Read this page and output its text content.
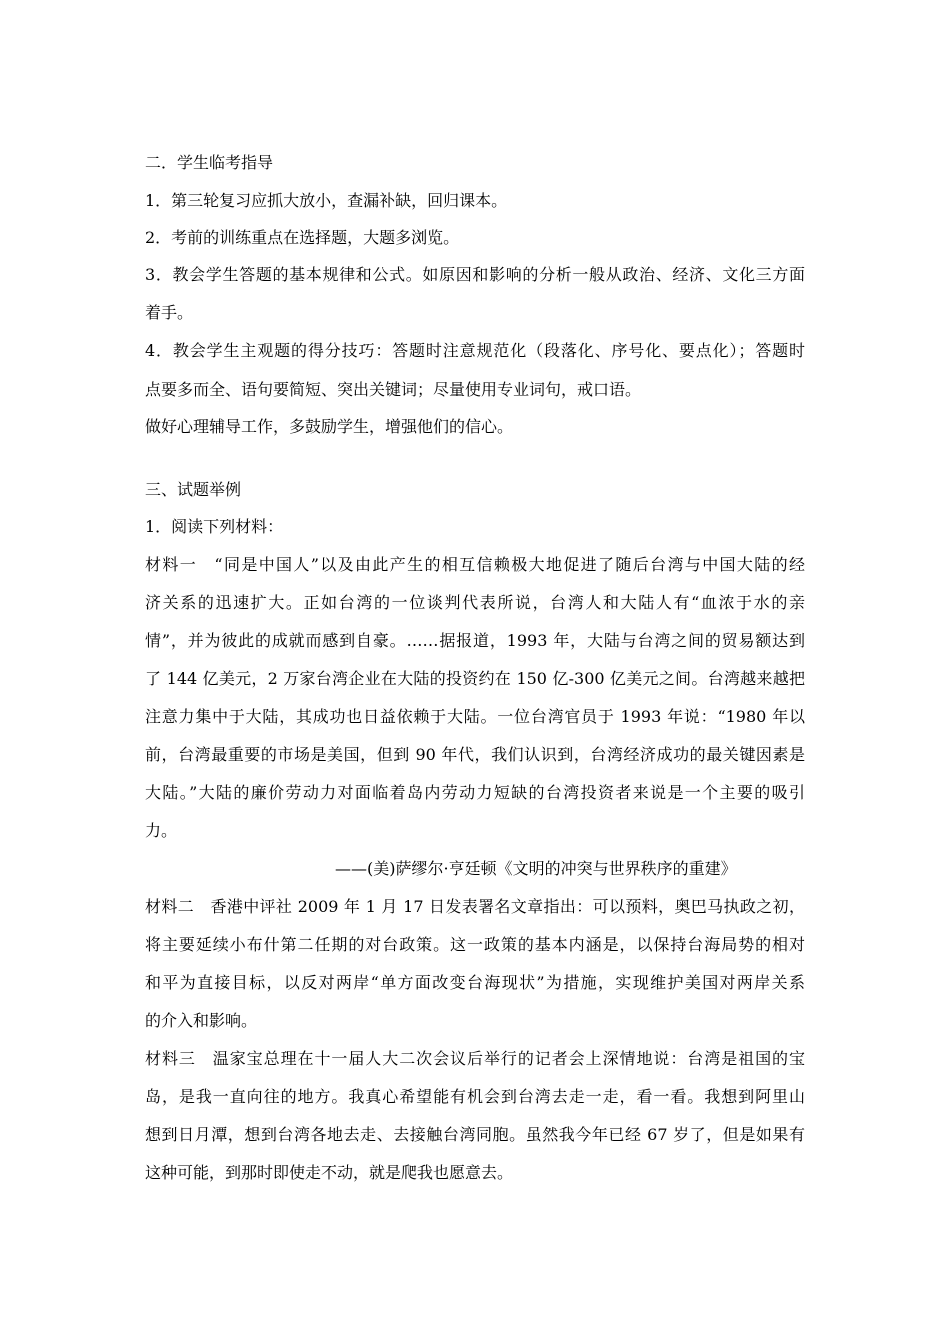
二．学生临考指导
1．第三轮复习应抓大放小，查漏补缺，回归课本。
2．考前的训练重点在选择题，大题多浏览。
3．教会学生答题的基本规律和公式。如原因和影响的分析一般从政治、经济、文化三方面
着手。
4．教会学生主观题的得分技巧：答题时注意规范化（段落化、序号化、要点化）；答题时
点要多而全、语句要简短、突出关键词；尽量使用专业词句，戒口语。
做好心理辅导工作，多鼓励学生，增强他们的信心。
三、试题举例
1．阅读下列材料：
材料一　“同是中国人”以及由此产生的相互信赖极大地促进了随后台湾与中国大陆的经
济关系的迅速扩大。正如台湾的一位谈判代表所说，台湾人和大陆人有“血浓于水的亲
情”，并为彼此的成就而感到自豪。……据报道，1993 年，大陆与台湾之间的贸易额达到
了 144 亿美元，2 万家台湾企业在大陆的投资约在 150 亿-300 亿美元之间。台湾越来越把
注意力集中于大陆，其成功也日益依赖于大陆。一位台湾官员于 1993 年说：“1980 年以
前，台湾最重要的市场是美国，但到 90 年代，我们认识到，台湾经济成功的最关键因素是
大陆。”大陆的廉价劳动力对面临着岛内劳动力短缺的台湾投资者来说是一个主要的吸引
力。
——(美)萨缪尔·亨廷顿《文明的冲突与世界秩序的重建》
材料二　香港中评社 2009 年 1 月 17 日发表署名文章指出：可以预料，奥巴马执政之初，
将主要延续小布什第二任期的对台政策。这一政策的基本内涵是，以保持台海局势的相对
和平为直接目标，以反对两岸“单方面改变台海现状”为措施，实现维护美国对两岸关系
的介入和影响。
材料三　温家宝总理在十一届人大二次会议后举行的记者会上深情地说：台湾是祖国的宝
岛，是我一直向往的地方。我真心希望能有机会到台湾去走一走，看一看。我想到阿里山
想到日月潭，想到台湾各地去走、去接触台湾同胞。虽然我今年已经 67 岁了，但是如果有
这种可能，到那时即使走不动，就是爬我也愿意去。
